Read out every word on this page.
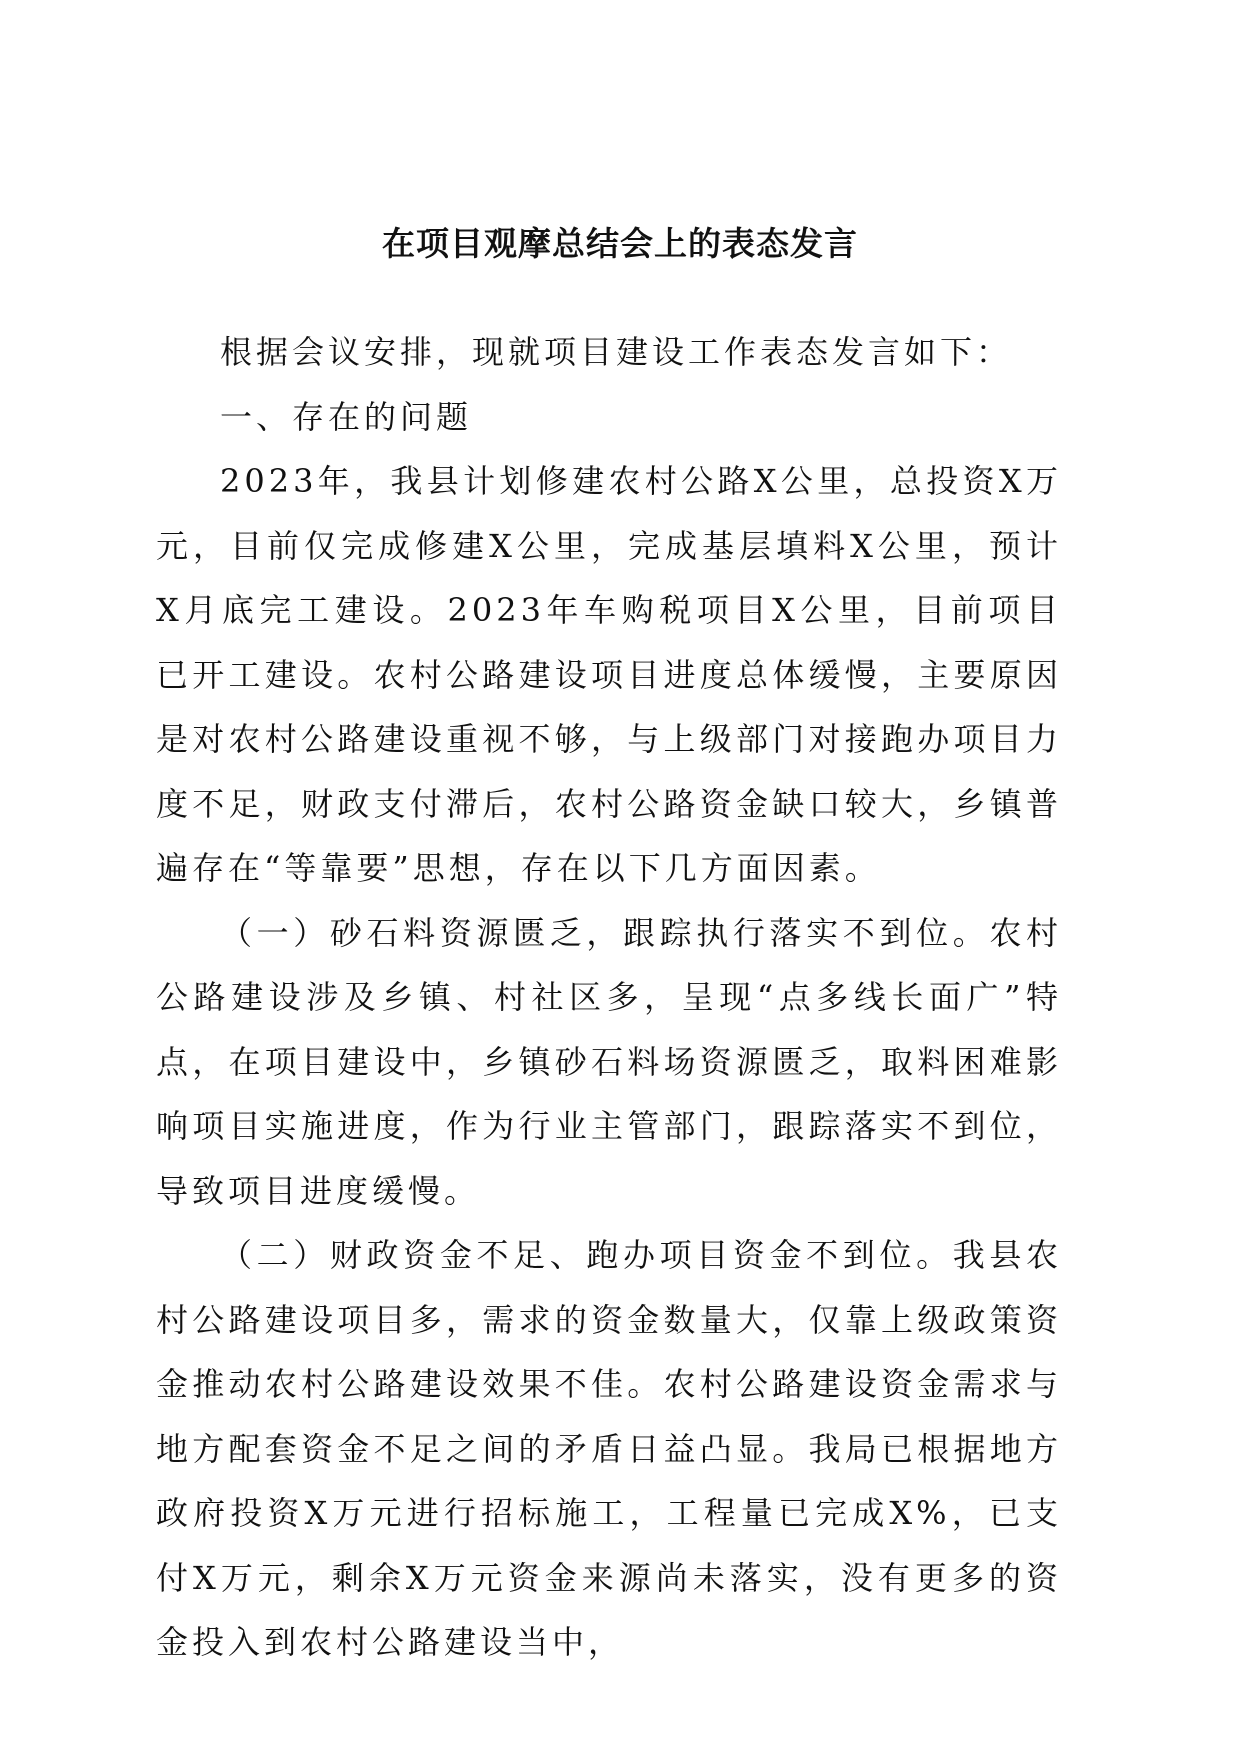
在项目观摩总结会上的表态发言

根据会议安排，现就项目建设工作表态发言如下：

一、存在的问题

2023年，我县计划修建农村公路X公里，总投资X万元，目前仅完成修建X公里，完成基层填料X公里，预计X月底完工建设。2023年车购税项目X公里，目前项目已开工建设。农村公路建设项目进度总体缓慢，主要原因是对农村公路建设重视不够，与上级部门对接跑办项目力度不足，财政支付滞后，农村公路资金缺口较大，乡镇普遍存在“等靠要”思想，存在以下几方面因素。

（一）砂石料资源匮乏，跟踪执行落实不到位。农村公路建设涉及乡镇、村社区多，呈现“点多线长面广”特点，在项目建设中，乡镇砂石料场资源匮乏，取料困难影响项目实施进度，作为行业主管部门，跟踪落实不到位，导致项目进度缓慢。

（二）财政资金不足、跑办项目资金不到位。我县农村公路建设项目多，需求的资金数量大，仅靠上级政策资金推动农村公路建设效果不佳。农村公路建设资金需求与地方配套资金不足之间的矛盾日益凸显。我局已根据地方政府投资X万元进行招标施工，工程量已完成X%，已支付X万元，剩余X万元资金来源尚未落实，没有更多的资金投入到农村公路建设当中，
